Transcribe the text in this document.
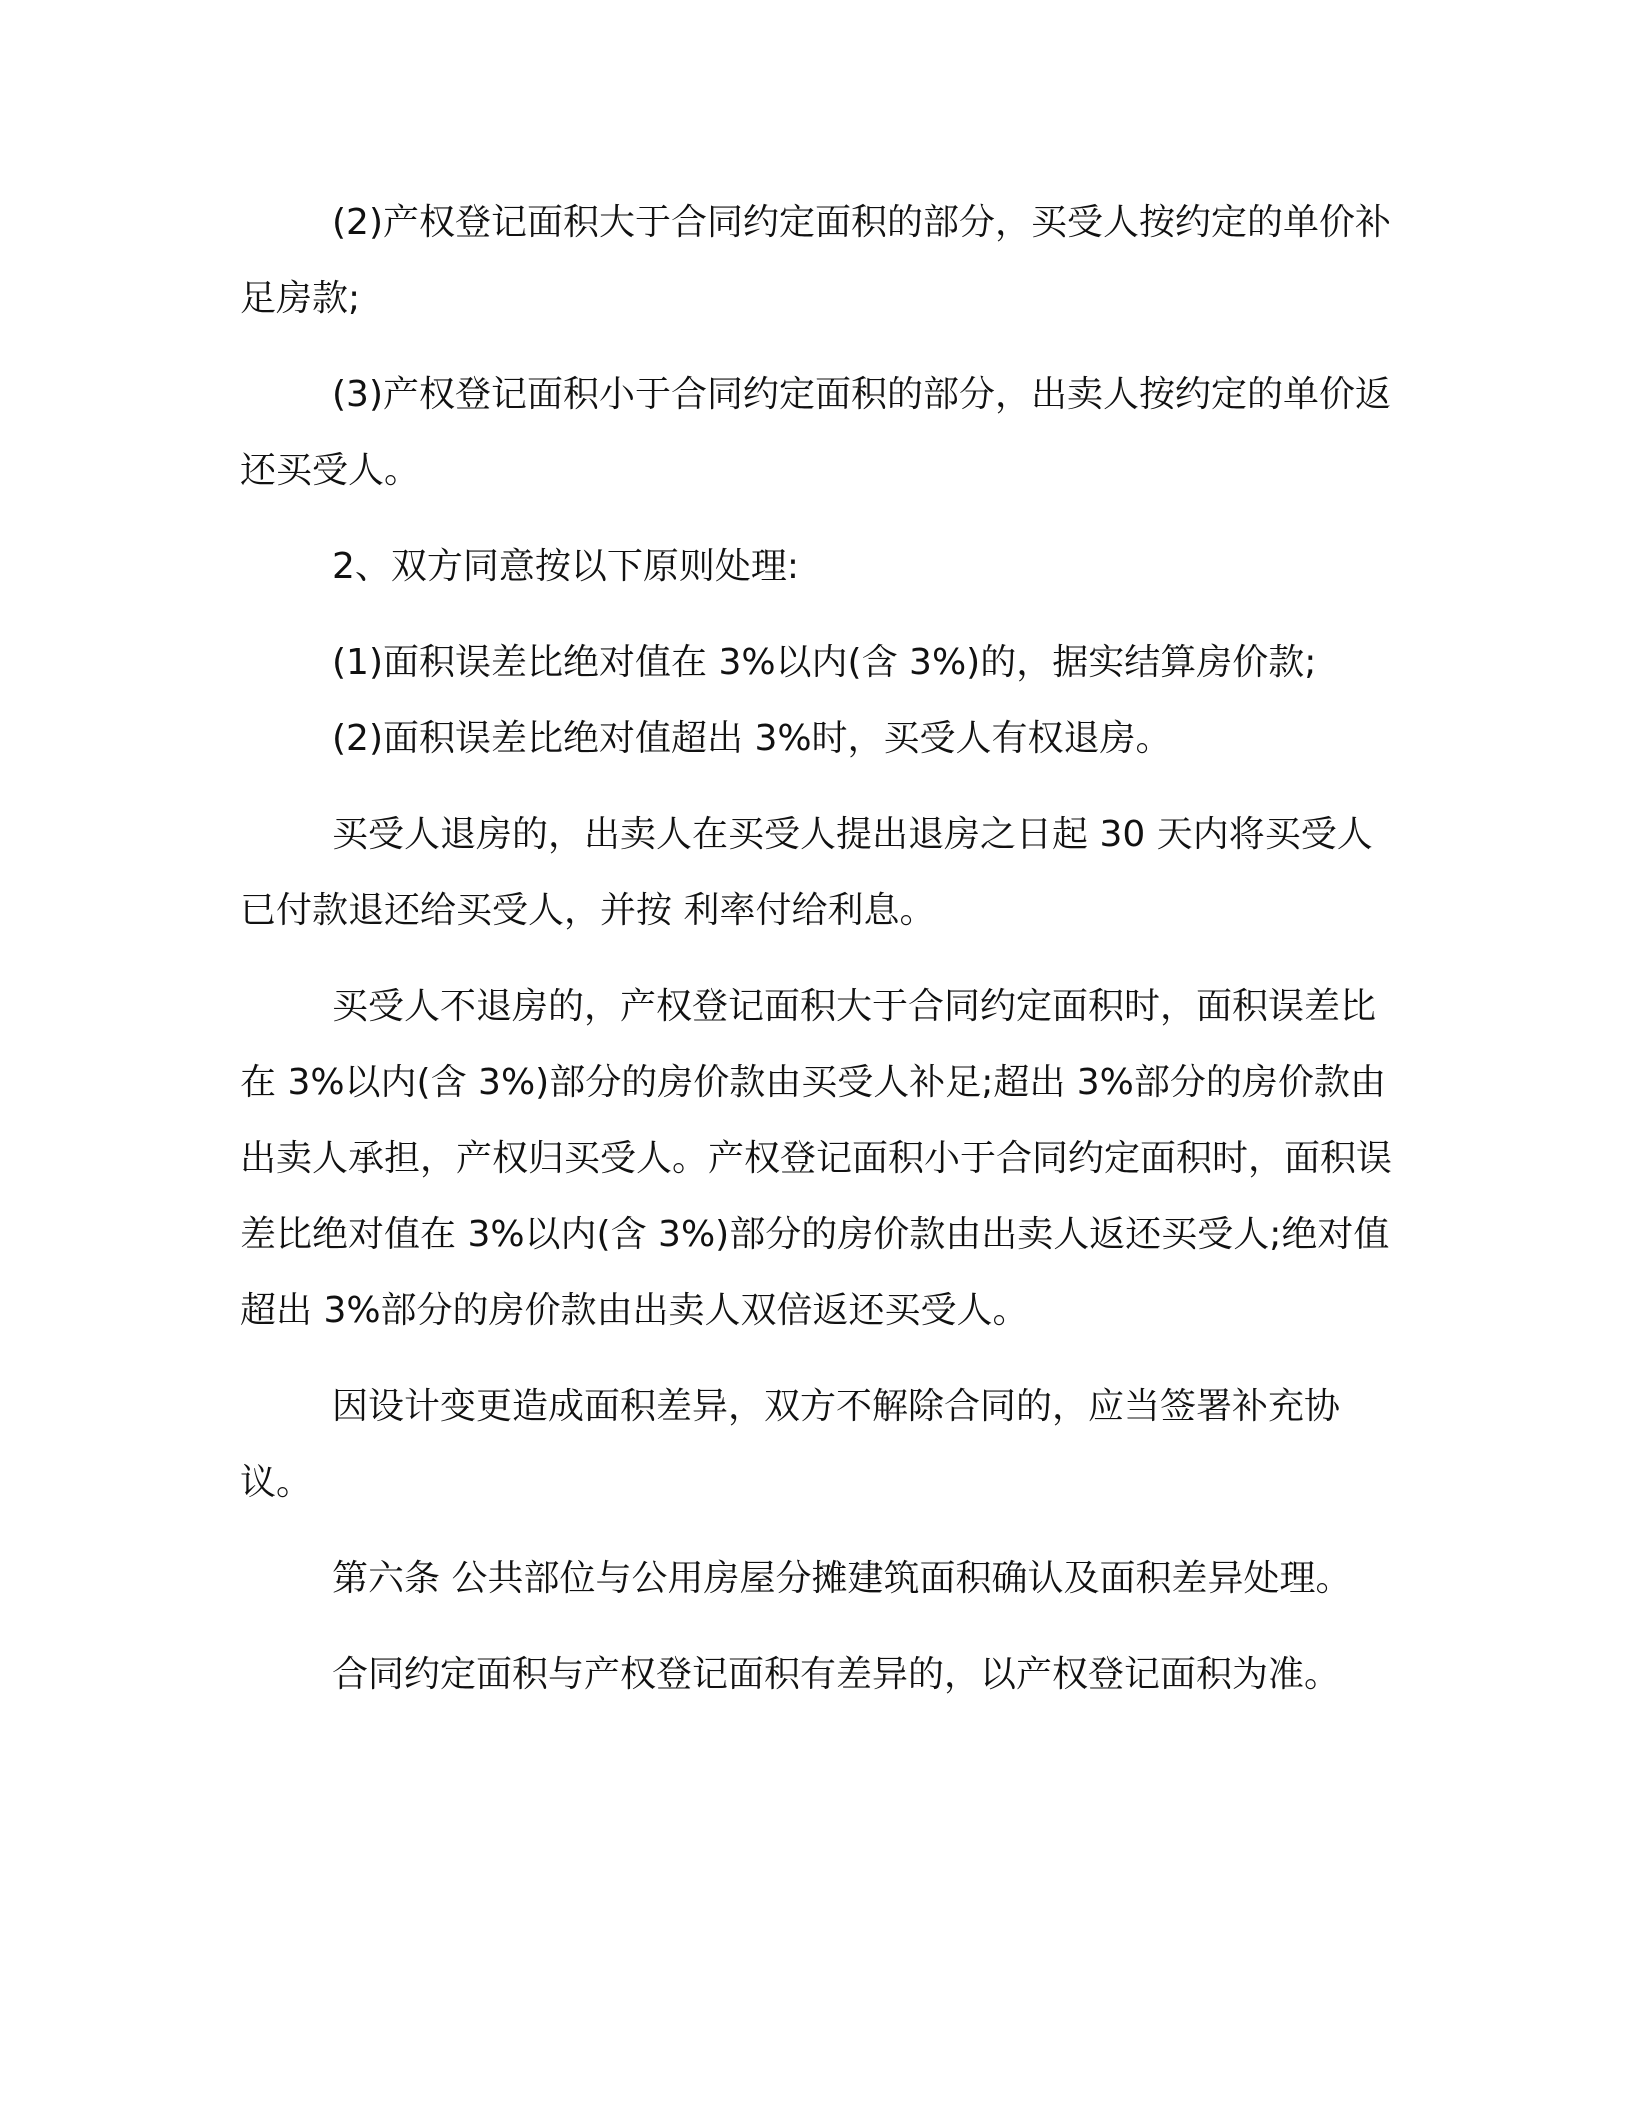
(2)产权登记面积大于合同约定面积的部分，买受人按约定的单价补足房款;

(3)产权登记面积小于合同约定面积的部分，出卖人按约定的单价返还买受人。

2、双方同意按以下原则处理:

(1)面积误差比绝对值在 3%以内(含 3%)的，据实结算房价款;

(2)面积误差比绝对值超出 3%时，买受人有权退房。

买受人退房的，出卖人在买受人提出退房之日起 30 天内将买受人已付款退还给买受人，并按 利率付给利息。

买受人不退房的，产权登记面积大于合同约定面积时，面积误差比在 3%以内(含 3%)部分的房价款由买受人补足;超出 3%部分的房价款由出卖人承担，产权归买受人。产权登记面积小于合同约定面积时，面积误差比绝对值在 3%以内(含 3%)部分的房价款由出卖人返还买受人;绝对值超出 3%部分的房价款由出卖人双倍返还买受人。

因设计变更造成面积差异，双方不解除合同的，应当签署补充协议。

第六条 公共部位与公用房屋分摊建筑面积确认及面积差异处理。

合同约定面积与产权登记面积有差异的，以产权登记面积为准。
